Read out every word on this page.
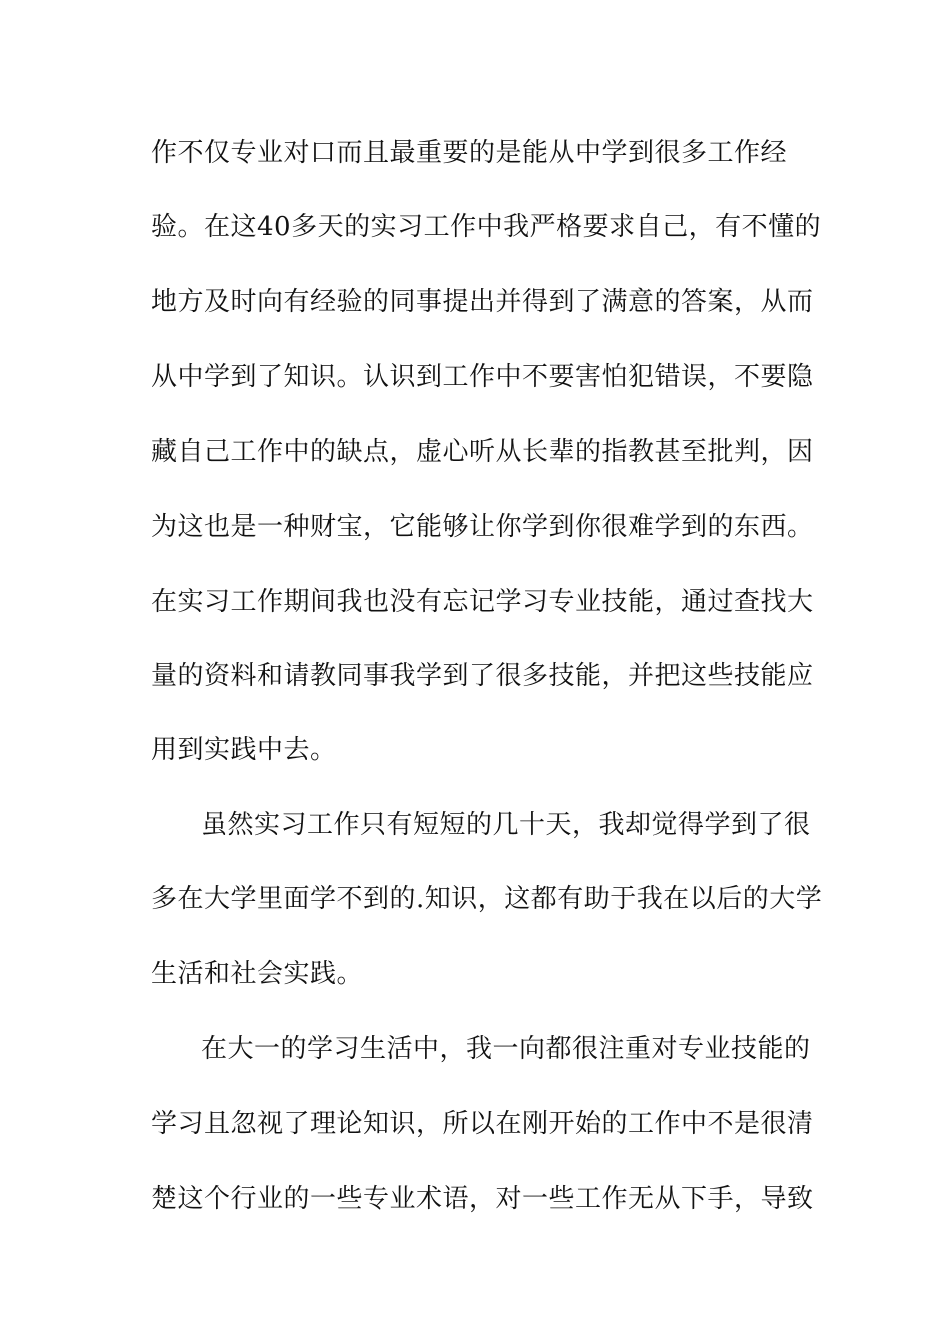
作不仅专业对口而且最重要的是能从中学到很多工作经
验。在这40多天的实习工作中我严格要求自己，有不懂的
地方及时向有经验的同事提出并得到了满意的答案，从而
从中学到了知识。认识到工作中不要害怕犯错误，不要隐
藏自己工作中的缺点，虚心听从长辈的指教甚至批判，因
为这也是一种财宝，它能够让你学到你很难学到的东西。
在实习工作期间我也没有忘记学习专业技能，通过查找大
量的资料和请教同事我学到了很多技能，并把这些技能应
用到实践中去。
虽然实习工作只有短短的几十天，我却觉得学到了很
多在大学里面学不到的.知识，这都有助于我在以后的大学
生活和社会实践。
在大一的学习生活中，我一向都很注重对专业技能的
学习且忽视了理论知识，所以在刚开始的工作中不是很清
楚这个行业的一些专业术语，对一些工作无从下手，导致
